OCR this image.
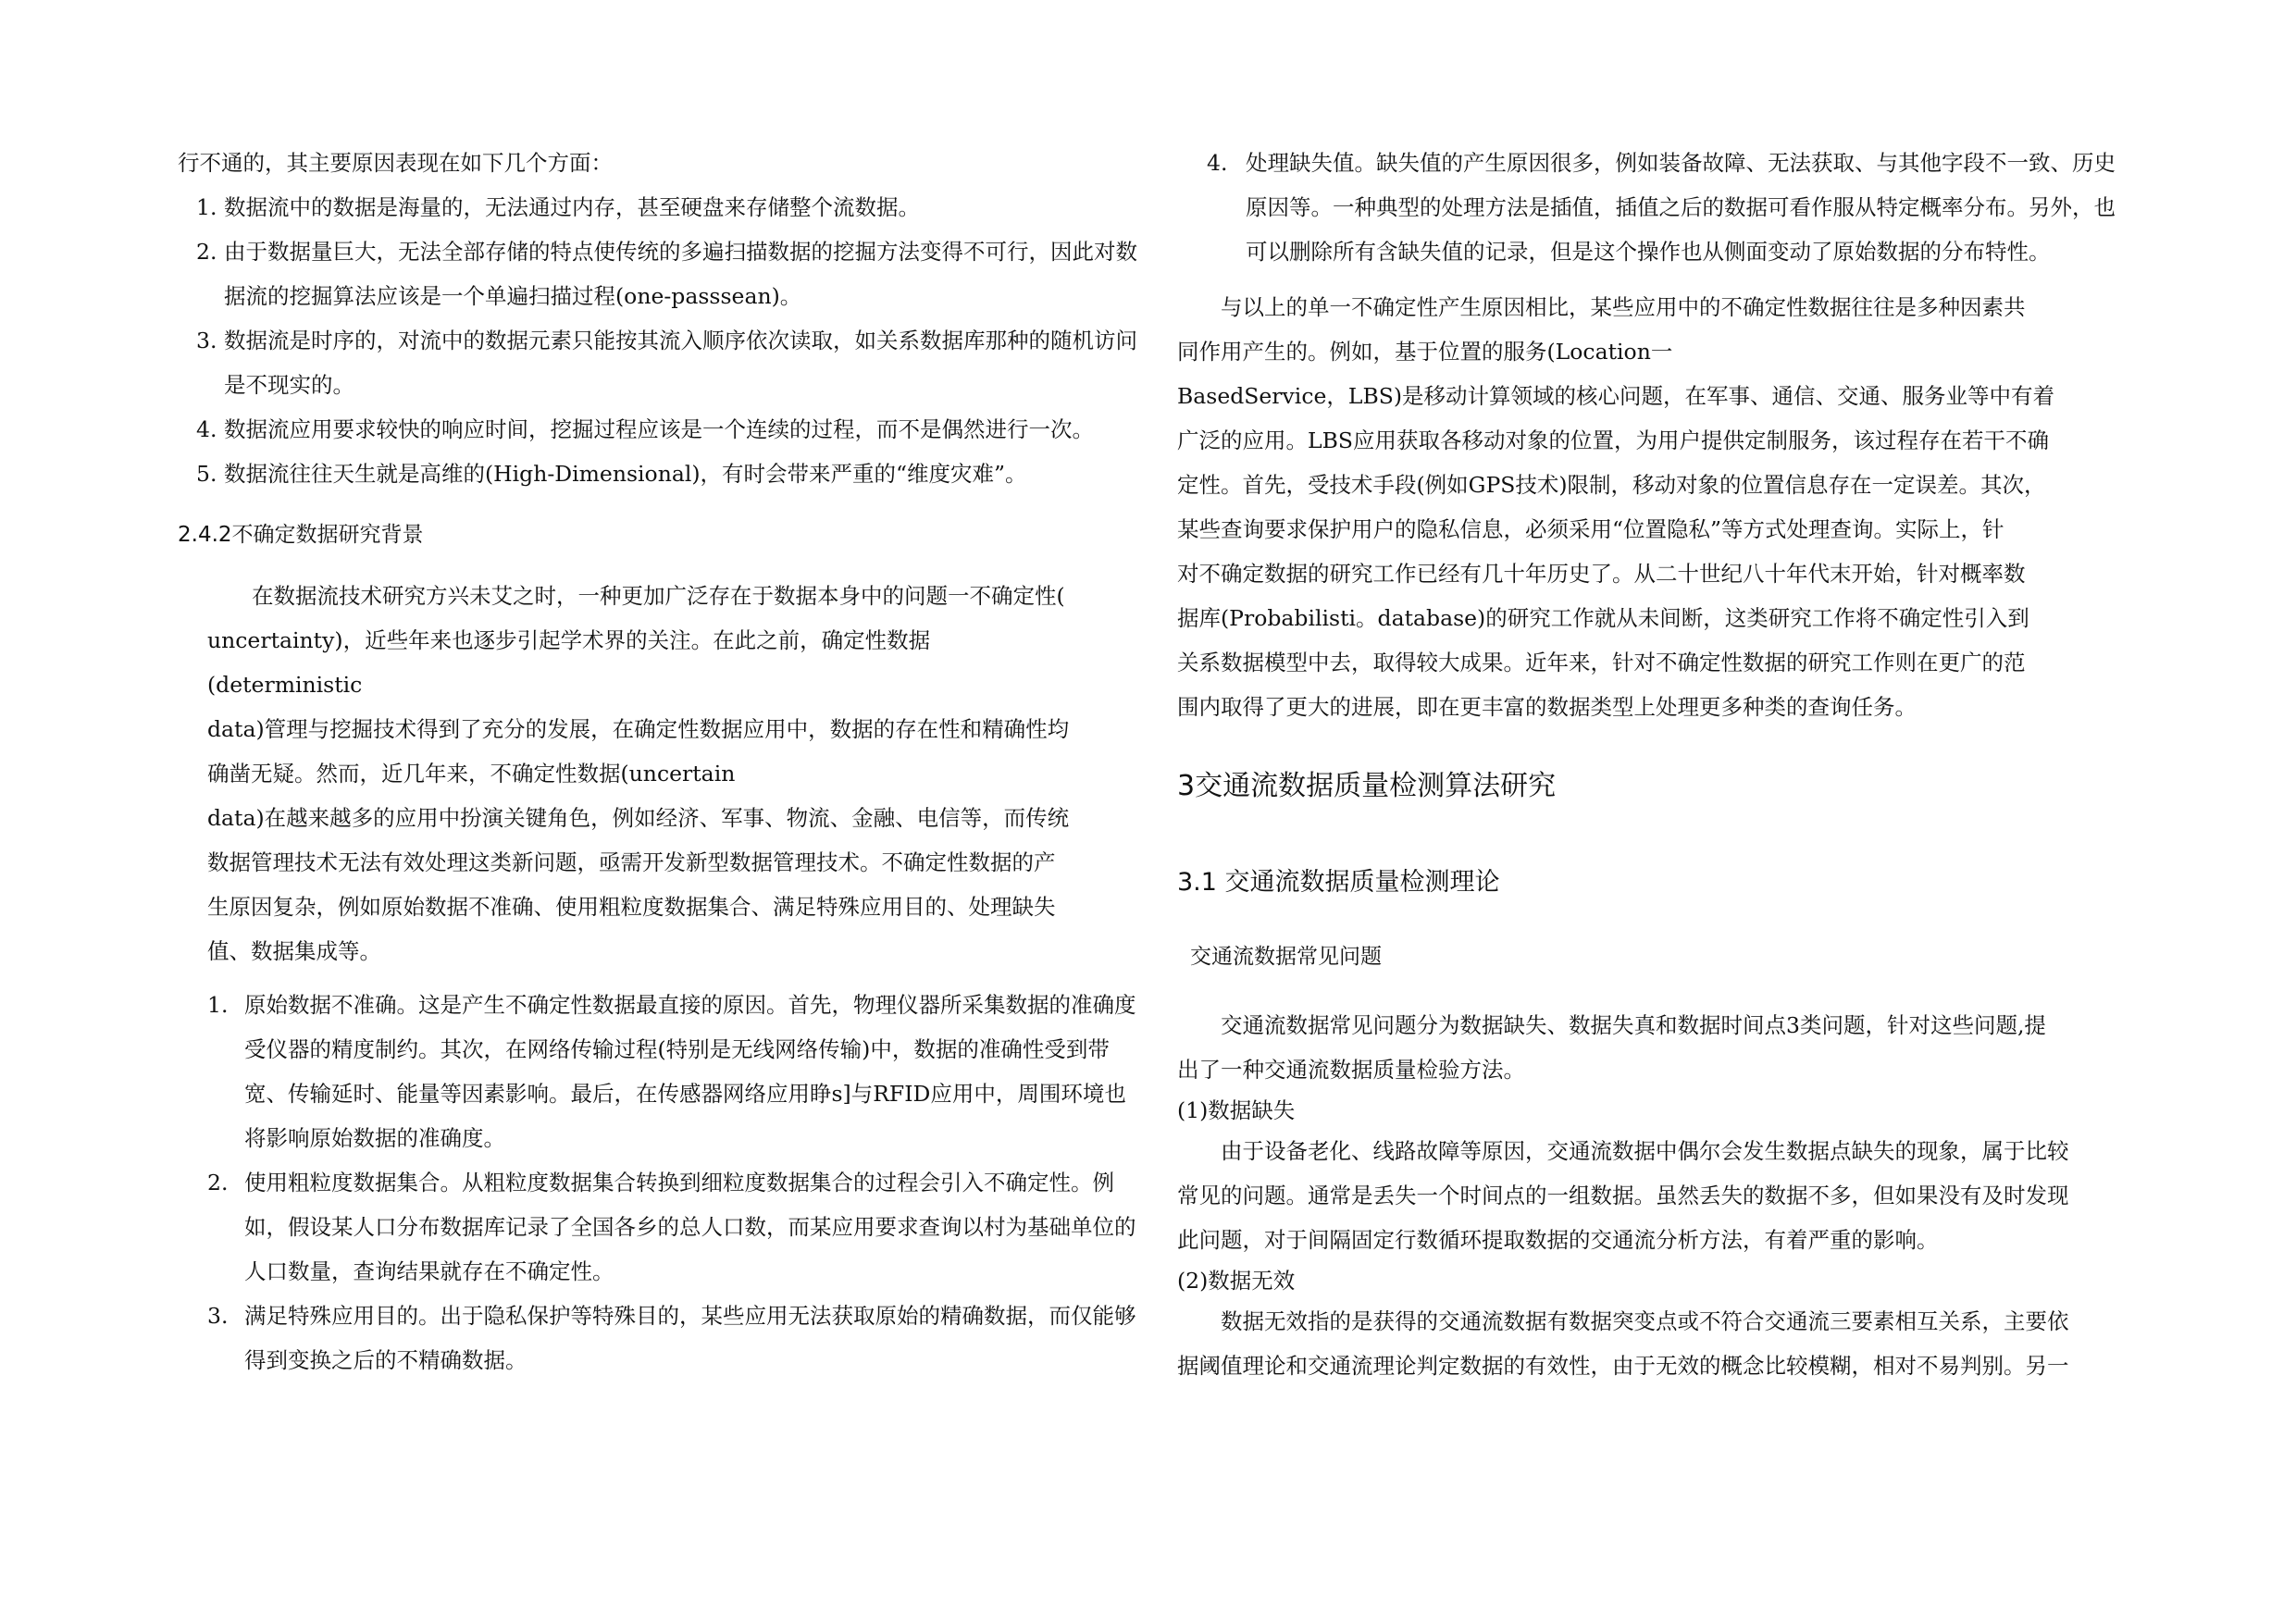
行不通的，其主要原因表现在如下几个方面：

1. 数据流中的数据是海量的，无法通过内存，甚至硬盘来存储整个流数据。
2. 由于数据量巨大，无法全部存储的特点使传统的多遍扫描数据的挖掘方法变得不可行，因此对数据流的挖掘算法应该是一个单遍扫描过程(one-passsean)。
3. 数据流是时序的，对流中的数据元素只能按其流入顺序依次读取，如关系数据库那种的随机访问是不现实的。
4. 数据流应用要求较快的响应时间，挖掘过程应该是一个连续的过程，而不是偶然进行一次。
5. 数据流往往天生就是高维的(High-Dimensional)，有时会带来严重的“维度灾难”。
2.4.2不确定数据研究背景
在数据流技术研究方兴未艾之时，一种更加广泛存在于数据本身中的问题一不确定性(
uncertainty)，近些年来也逐步引起学术界的关注。在此之前，确定性数据
(deterministic
data)管理与挖掘技术得到了充分的发展，在确定性数据应用中，数据的存在性和精确性均
确凿无疑。然而，近几年来，不确定性数据(uncertain
data)在越来越多的应用中扮演关键角色，例如经济、军事、物流、金融、电信等，而传统
数据管理技术无法有效处理这类新问题，亟需开发新型数据管理技术。不确定性数据的产
生原因复杂，例如原始数据不准确、使用粗粒度数据集合、满足特殊应用目的、处理缺失
值、数据集成等。
1. 原始数据不准确。这是产生不确定性数据最直接的原因。首先，物理仪器所采集数据的准确度受仪器的精度制约。其次，在网络传输过程(特别是无线网络传输)中，数据的准确性受到带宽、传输延时、能量等因素影响。最后，在传感器网络应用睁s]与RFID应用中，周围环境也将影响原始数据的准确度。
2. 使用粗粒度数据集合。从粗粒度数据集合转换到细粒度数据集合的过程会引入不确定性。例如，假设某人口分布数据库记录了全国各乡的总人口数，而某应用要求查询以村为基础单位的人口数量，查询结果就存在不确定性。
3. 满足特殊应用目的。出于隐私保护等特殊目的，某些应用无法获取原始的精确数据，而仅能够得到变换之后的不精确数据。
4. 处理缺失值。缺失值的产生原因很多，例如装备故障、无法获取、与其他字段不一致、历史原因等。一种典型的处理方法是插值，插值之后的数据可看作服从特定概率分布。另外，也可以删除所有含缺失值的记录，但是这个操作也从侧面变动了原始数据的分布特性。
　　与以上的单一不确定性产生原因相比，某些应用中的不确定性数据往往是多种因素共
同作用产生的。例如，基于位置的服务(Location一
BasedService，LBS)是移动计算领域的核心问题，在军事、通信、交通、服务业等中有着
广泛的应用。LBS应用获取各移动对象的位置，为用户提供定制服务，该过程存在若干不确
定性。首先，受技术手段(例如GPS技术)限制，移动对象的位置信息存在一定误差。其次，
某些查询要求保护用户的隐私信息，必须采用“位置隐私”等方式处理查询。实际上，针
对不确定数据的研究工作已经有几十年历史了。从二十世纪八十年代末开始，针对概率数
据库(Probabilisti。database)的研究工作就从未间断，这类研究工作将不确定性引入到
关系数据模型中去，取得较大成果。近年来，针对不确定性数据的研究工作则在更广的范
围内取得了更大的进展，即在更丰富的数据类型上处理更多种类的查询任务。
3交通流数据质量检测算法研究
3.1 交通流数据质量检测理论
交通流数据常见问题
　　交通流数据常见问题分为数据缺失、数据失真和数据时间点3类问题，针对这些问题,提
出了一种交通流数据质量检验方法。
(1)数据缺失
　　由于设备老化、线路故障等原因，交通流数据中偶尔会发生数据点缺失的现象，属于比较
常见的问题。通常是丢失一个时间点的一组数据。虽然丢失的数据不多，但如果没有及时发现
此问题，对于间隔固定行数循环提取数据的交通流分析方法，有着严重的影响。
(2)数据无效
　　数据无效指的是获得的交通流数据有数据突变点或不符合交通流三要素相互关系，主要依
据阈值理论和交通流理论判定数据的有效性，由于无效的概念比较模糊，相对不易判别。另一
